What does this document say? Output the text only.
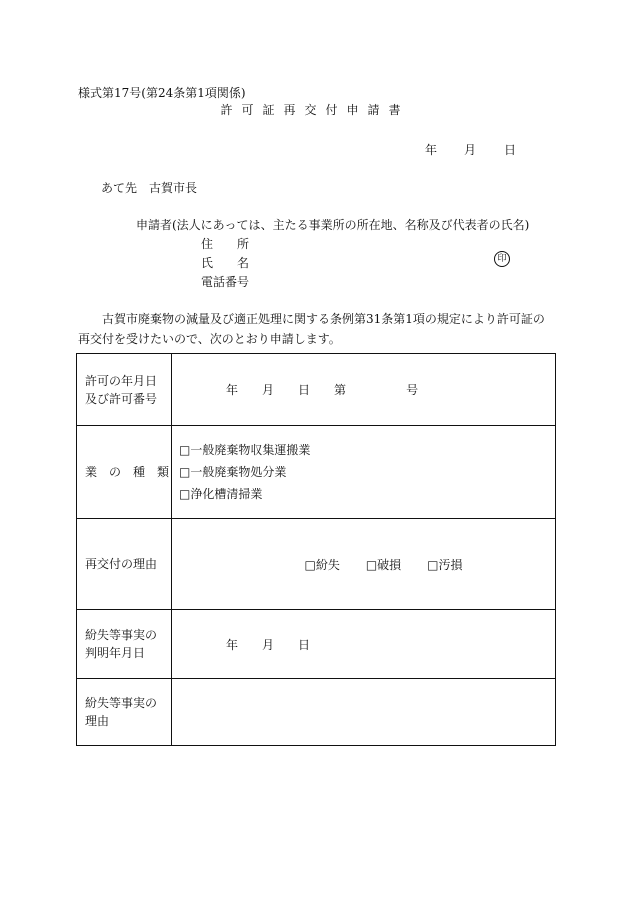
様式第17号(第24条第1項関係)
許可証再交付申請書
年 月 日
あて先　古賀市長
申請者(法人にあっては、主たる事業所の所在地、名称及び代表者の氏名)
住　　所
氏　　名	印
電話番号
古賀市廃棄物の減量及び適正処理に関する条例第31条第1項の規定により許可証の再交付を受けたいので、次のとおり申請します。
許可の年月日
及び許可番号	年 月 日 第 号

業　の　種　類	□一般廃棄物収集運搬業
□一般廃棄物処分業
□浄化槽清掃業

再交付の理由	□紛失 □破損 □汚損

紛失等事実の
判明年月日	年 月 日

紛失等事実の
理由	
